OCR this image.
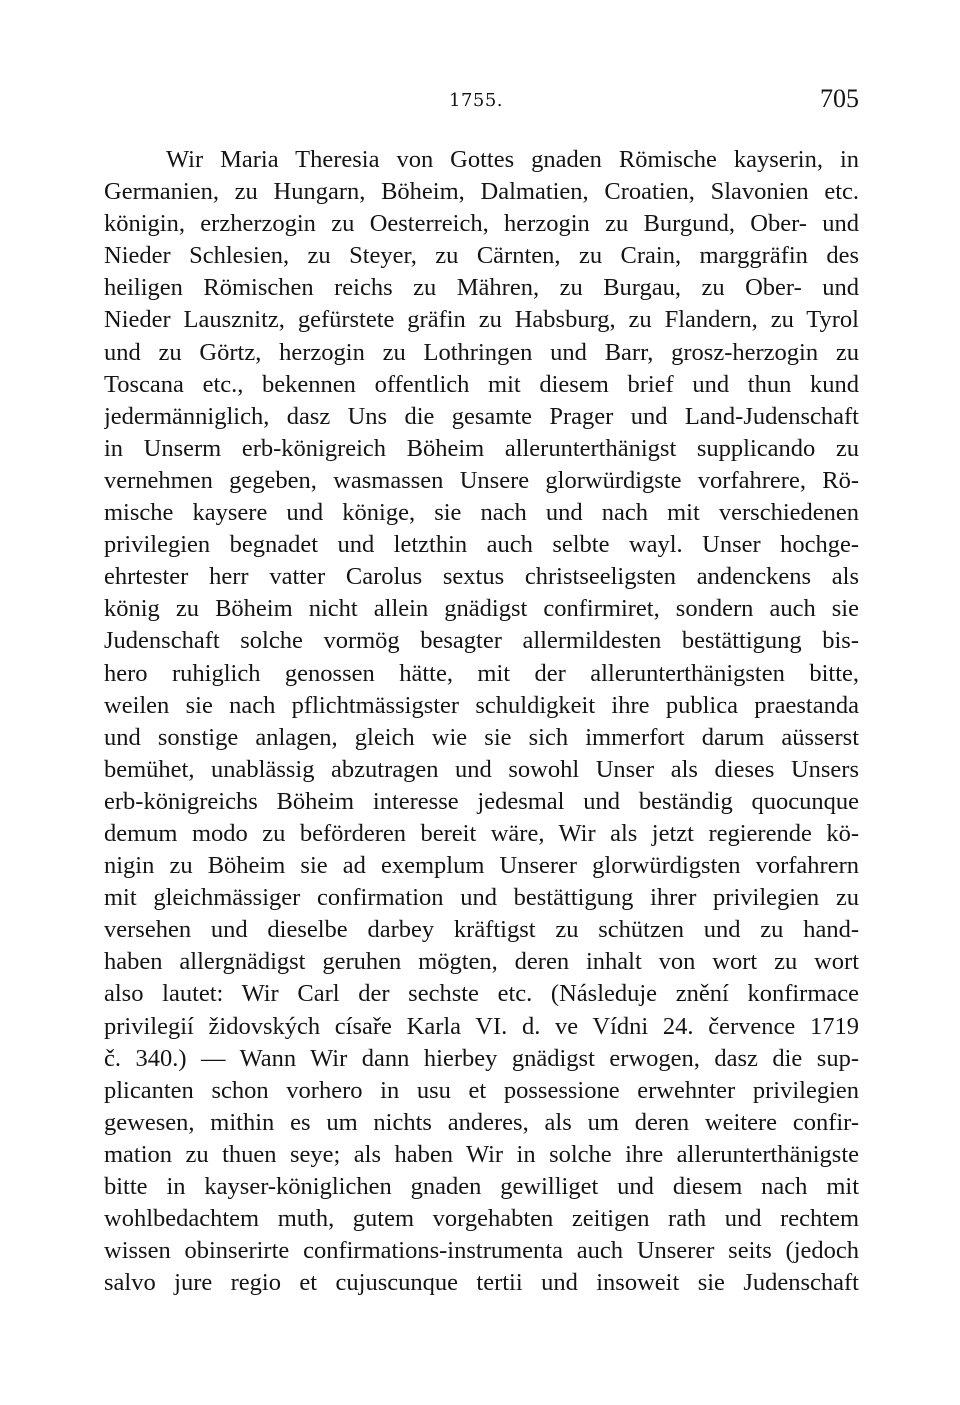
1755.	705
Wir Maria Theresia von Gottes gnaden Römische kayserin, in
Germanien, zu Hungarn, Böheim, Dalmatien, Croatien, Slavonien etc.
königin, erzherzogin zu Oesterreich, herzogin zu Burgund, Ober- und
Nieder Schlesien, zu Steyer, zu Cärnten, zu Crain, marggräfin des
heiligen Römischen reichs zu Mähren, zu Burgau, zu Ober- und
Nieder Lausznitz, gefürstete gräfin zu Habsburg, zu Flandern, zu Tyrol
und zu Görtz, herzogin zu Lothringen und Barr, grosz-herzogin zu
Toscana etc., bekennen offentlich mit diesem brief und thun kund
jedermänniglich, dasz Uns die gesamte Prager und Land-Judenschaft
in Unserm erb-königreich Böheim allerunterthänigst supplicando zu
vernehmen gegeben, wasmassen Unsere glorwürdigste vorfahrere, Rö-
mische kaysere und könige, sie nach und nach mit verschiedenen
privilegien begnadet und letzthin auch selbte wayl. Unser hochge-
ehrtester herr vatter Carolus sextus christseeligsten andenckens als
könig zu Böheim nicht allein gnädigst confirmiret, sondern auch sie
Judenschaft solche vormög besagter allermildesten bestättigung bis-
hero ruhiglich genossen hätte, mit der allerunterthänigsten bitte,
weilen sie nach pflichtmässigster schuldigkeit ihre publica praestanda
und sonstige anlagen, gleich wie sie sich immerfort darum aüsserst
bemühet, unablässig abzutragen und sowohl Unser als dieses Unsers
erb-königreichs Böheim interesse jedesmal und beständig quocunque
demum modo zu beförderen bereit wäre, Wir als jetzt regierende kö-
nigin zu Böheim sie ad exemplum Unserer glorwürdigsten vorfahrern
mit gleichmässiger confirmation und bestättigung ihrer privilegien zu
versehen und dieselbe darbey kräftigst zu schützen und zu hand-
haben allergnädigst geruhen mögten, deren inhalt von wort zu wort
also lautet: Wir Carl der sechste etc. (Následuje znění konfirmace
privilegií židovských císaře Karla VI. d. ve Vídni 24. července 1719
č. 340.) — Wann Wir dann hierbey gnädigst erwogen, dasz die sup-
plicanten schon vorhero in usu et possessione erwehnter privilegien
gewesen, mithin es um nichts anderes, als um deren weitere confir-
mation zu thuen seye; als haben Wir in solche ihre allerunterthänigste
bitte in kayser-königlichen gnaden gewilliget und diesem nach mit
wohlbedachtem muth, gutem vorgehabten zeitigen rath und rechtem
wissen obinserirte confirmations-instrumenta auch Unserer seits (jedoch
salvo jure regio et cujuscunque tertii und insoweit sie Judenschaft
